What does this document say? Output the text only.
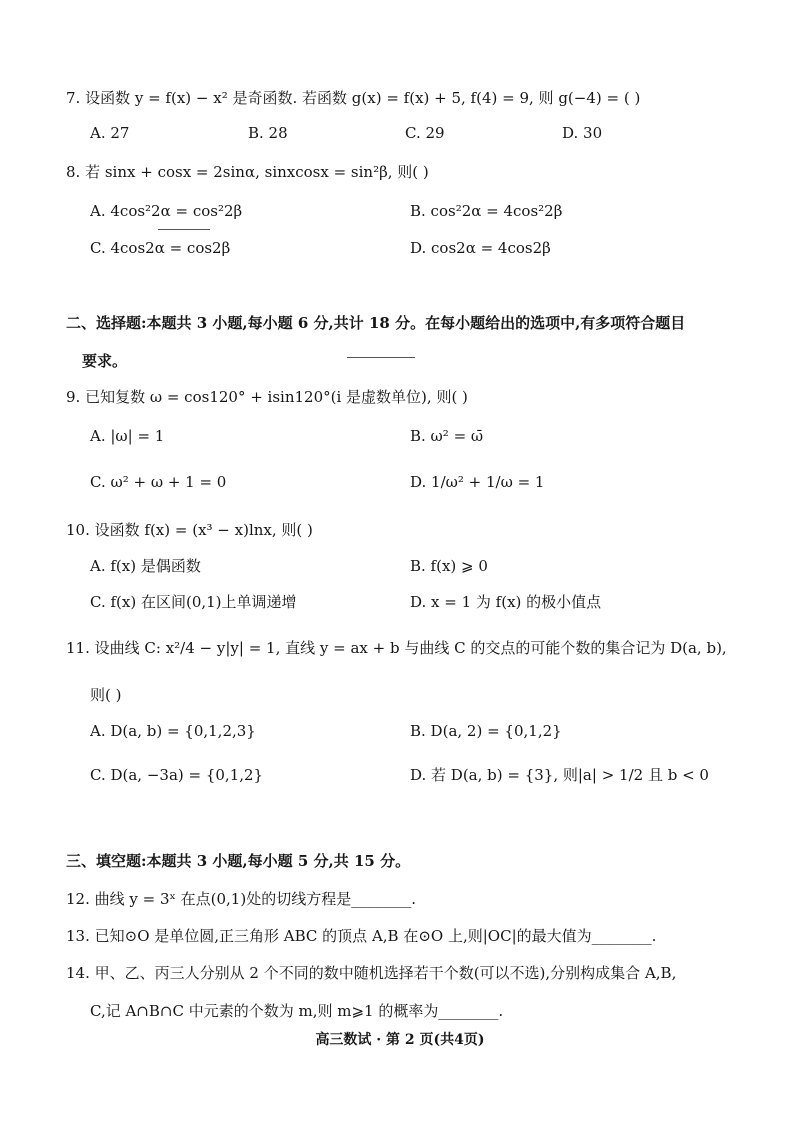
7. 设函数 y = f(x) − x² 是奇函数. 若函数 g(x) = f(x) + 5, f(4) = 9, 则 g(−4) = ( )
A. 27	B. 28	C. 29	D. 30
8. 若 sinx + cosx = 2sinα, sinxcosx = sin²β, 则( )
A. 4cos²2α = cos²2β	B. cos²2α = 4cos²2β
C. 4cos2α = cos2β	D. cos2α = 4cos2β
二、选择题:本题共 3 小题,每小题 6 分,共计 18 分。在每小题给出的选项中,有多项符合题目
要求。
9. 已知复数 ω = cos120° + isin120°(i 是虚数单位), 则( )
A. |ω| = 1	B. ω² = ω̄
C. ω² + ω + 1 = 0	D. 1/ω² + 1/ω = 1
10. 设函数 f(x) = (x³ − x)lnx, 则( )
A. f(x) 是偶函数	B. f(x) ⩾ 0
C. f(x) 在区间(0,1)上单调递增	D. x = 1 为 f(x) 的极小值点
11. 设曲线 C: x²/4 − y|y| = 1, 直线 y = ax + b 与曲线 C 的交点的可能个数的集合记为 D(a, b),
则( )
A. D(a, b) = {0,1,2,3}	B. D(a, 2) = {0,1,2}
C. D(a, −3a) = {0,1,2}	D. 若 D(a, b) = {3}, 则|a| > 1/2 且 b < 0
三、填空题:本题共 3 小题,每小题 5 分,共 15 分。
12. 曲线 y = 3ˣ 在点(0,1)处的切线方程是________.
13. 已知⊙O 是单位圆,正三角形 ABC 的顶点 A,B 在⊙O 上,则|OC|的最大值为________.
14. 甲、乙、丙三人分别从 2 个不同的数中随机选择若干个数(可以不选),分别构成集合 A,B,
C,记 A∩B∩C 中元素的个数为 m,则 m⩾1 的概率为________.
高三数试 · 第 2 页(共4页)
